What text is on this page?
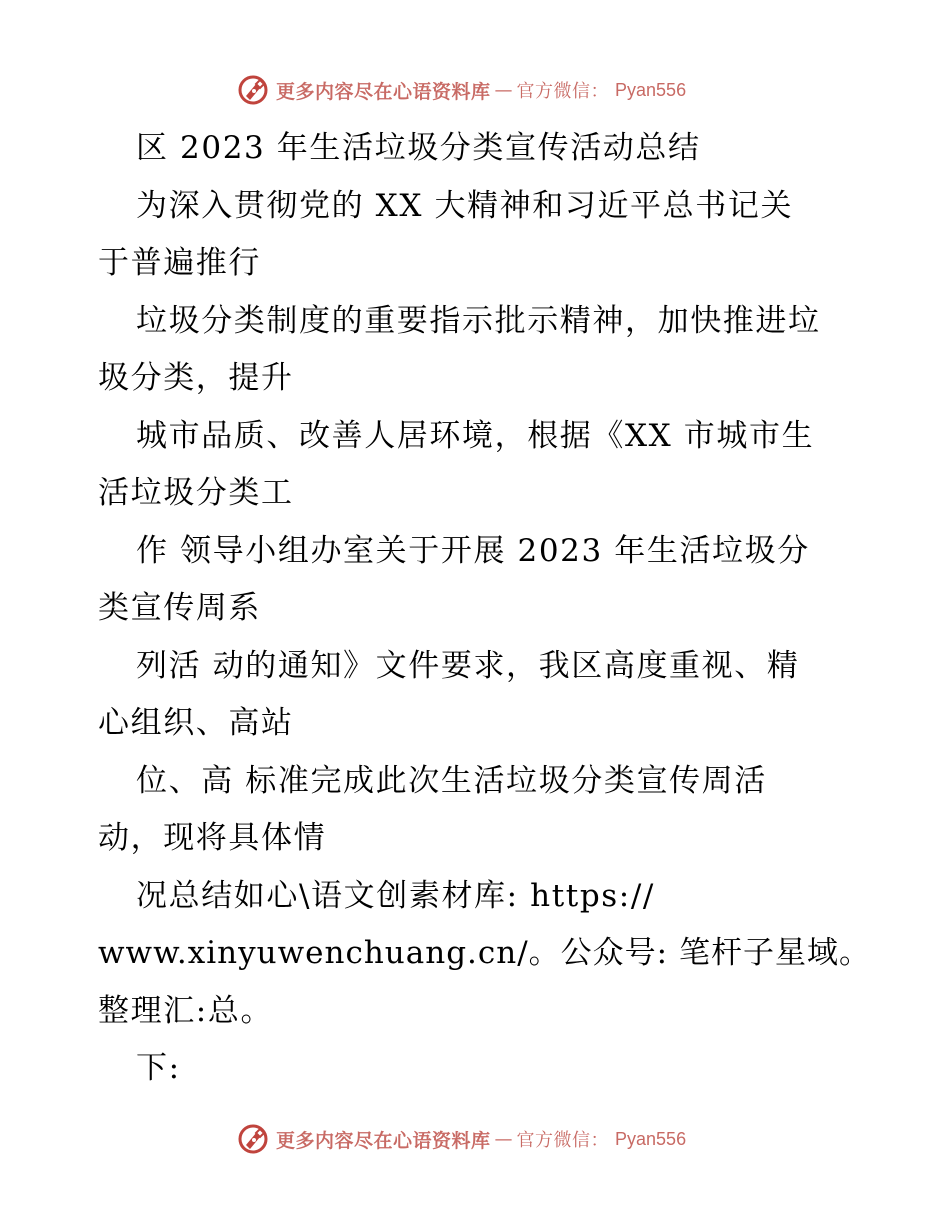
更多内容尽在心语资料库 — 官方微信： Pyan556
区 2023 年生活垃圾分类宣传活动总结
为深入贯彻党的 XX 大精神和习近平总书记关
于普遍推行
垃圾分类制度的重要指示批示精神，加快推进垃
圾分类，提升
城市品质、改善人居环境，根据《XX 市城市生
活垃圾分类工
作 领导小组办室关于开展 2023 年生活垃圾分
类宣传周系
列活 动的通知》文件要求，我区高度重视、精
心组织、高站
位、高 标准完成此次生活垃圾分类宣传周活
动，现将具体情
况总结如心\语文创素材库: https://
www.xinyuwenchuang.cn/。公众号: 笔杆子星域。
整理汇:总。
下:
更多内容尽在心语资料库 — 官方微信： Pyan556
